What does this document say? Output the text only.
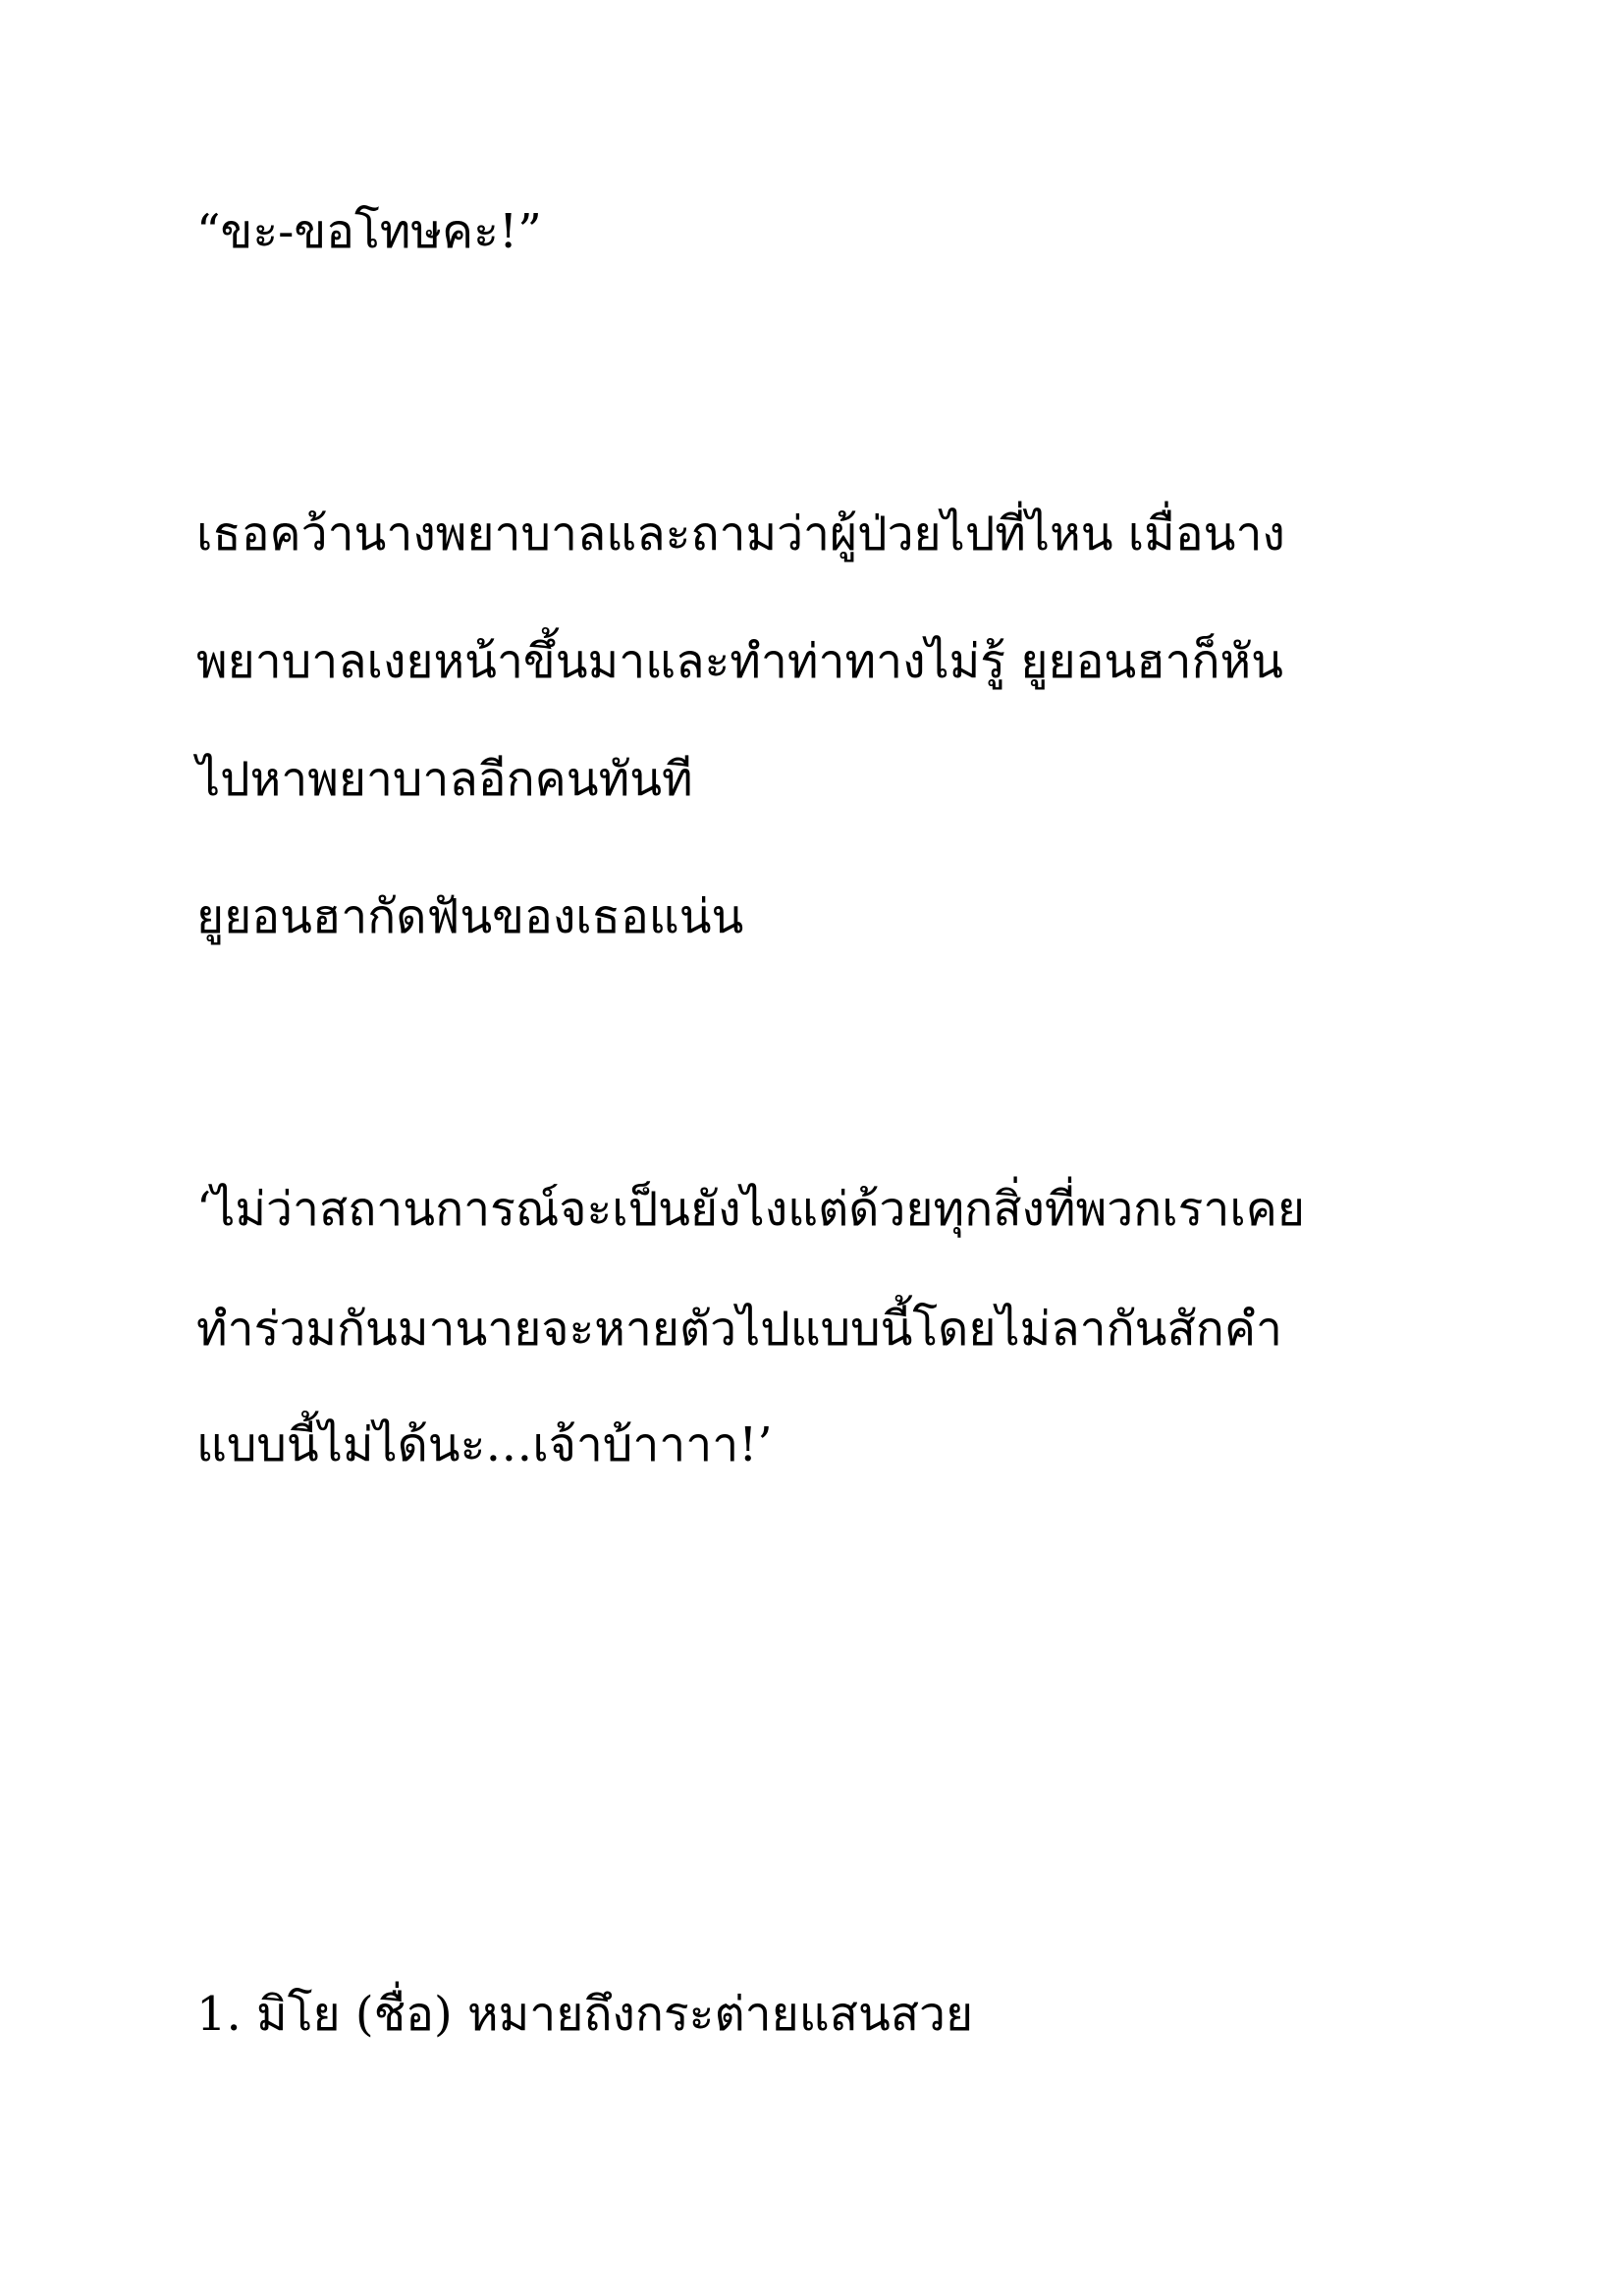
“ขะ-ขอโทษคะ!”
เธอคว้านางพยาบาลและถามว่าผู้ป่วยไปที่ไหน เมื่อนาง
พยาบาลเงยหน้าขึ้นมาและทำท่าทางไม่รู้ ยูยอนฮาก็หัน
ไปหาพยาบาลอีกคนทันที
ยูยอนฮากัดฟันของเธอแน่น
‘ไม่ว่าสถานการณ์จะเป็นยังไงแต่ด้วยทุกสิ่งที่พวกเราเคย
ทำร่วมกันมานายจะหายตัวไปแบบนี้โดยไม่ลากันสักคำ
แบบนี้ไม่ได้นะ…เจ้าบ้าาาา!’
1. มิโย (ชื่อ) หมายถึงกระต่ายแสนสวย
